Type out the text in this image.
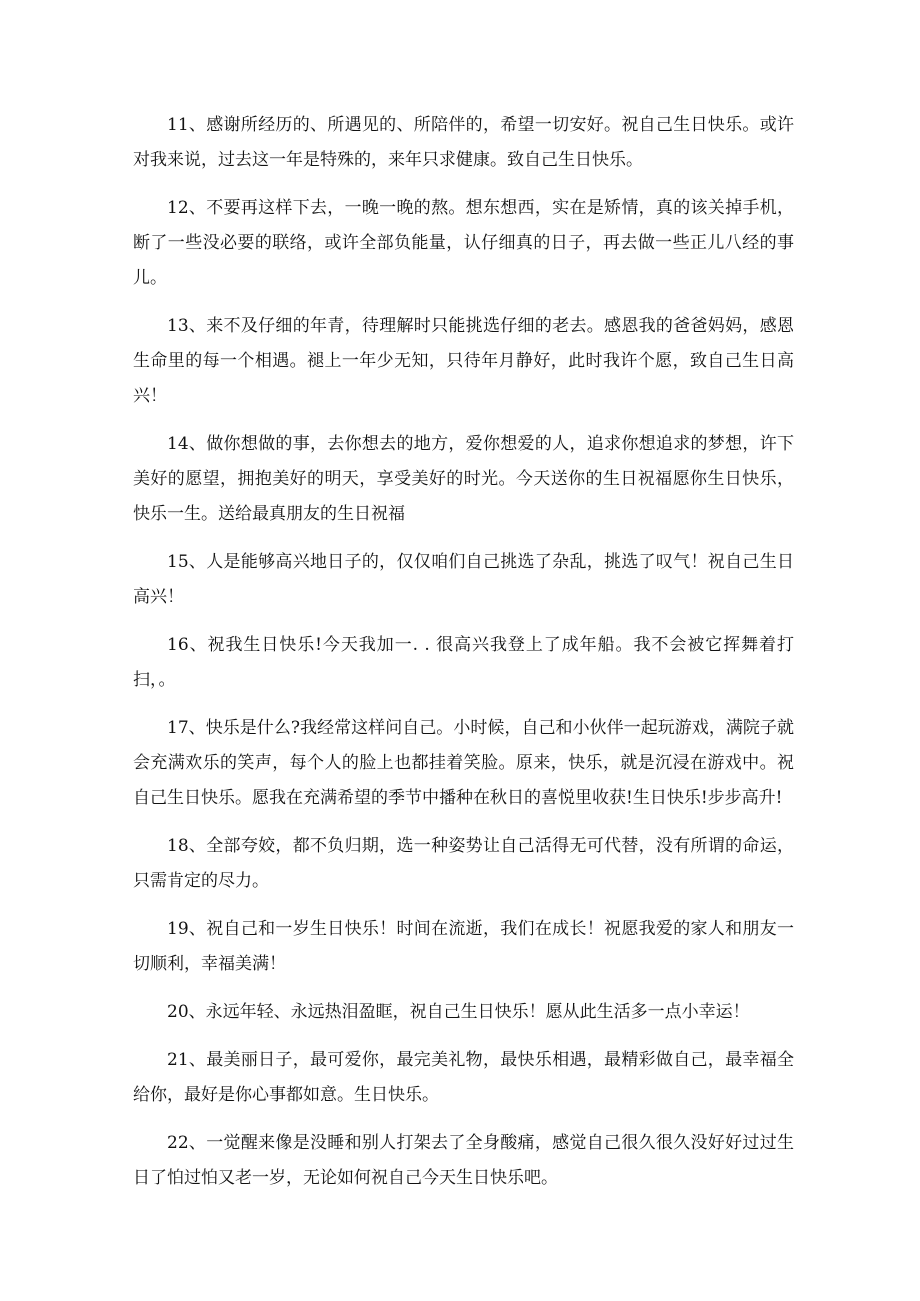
11、感谢所经历的、所遇见的、所陪伴的，希望一切安好。祝自己生日快乐。或许对我来说，过去这一年是特殊的，来年只求健康。致自己生日快乐。

12、不要再这样下去，一晚一晚的熬。想东想西，实在是矫情，真的该关掉手机，断了一些没必要的联络，或许全部负能量，认仔细真的日子，再去做一些正儿八经的事儿。

13、来不及仔细的年青，待理解时只能挑选仔细的老去。感恩我的爸爸妈妈，感恩生命里的每一个相遇。褪上一年少无知，只待年月静好，此时我许个愿，致自己生日高兴！

14、做你想做的事，去你想去的地方，爱你想爱的人，追求你想追求的梦想，许下美好的愿望，拥抱美好的明天，享受美好的时光。今天送你的生日祝福愿你生日快乐，快乐一生。送给最真朋友的生日祝福

15、人是能够高兴地日子的，仅仅咱们自己挑选了杂乱，挑选了叹气！祝自己生日高兴！

16、祝我生日快乐!今天我加一. . 很高兴我登上了成年船。我不会被它挥舞着打扫，。

17、快乐是什么?我经常这样问自己。小时候，自己和小伙伴一起玩游戏，满院子就会充满欢乐的笑声，每个人的脸上也都挂着笑脸。原来，快乐，就是沉浸在游戏中。祝自己生日快乐。愿我在充满希望的季节中播种在秋日的喜悦里收获!生日快乐!步步高升!

18、全部夸姣，都不负归期，选一种姿势让自己活得无可代替，没有所谓的命运，只需肯定的尽力。

19、祝自己和一岁生日快乐！时间在流逝，我们在成长！祝愿我爱的家人和朋友一切顺利，幸福美满！

20、永远年轻、永远热泪盈眶，祝自己生日快乐！愿从此生活多一点小幸运！

21、最美丽日子，最可爱你，最完美礼物，最快乐相遇，最精彩做自己，最幸福全给你，最好是你心事都如意。生日快乐。

22、一觉醒来像是没睡和别人打架去了全身酸痛，感觉自己很久很久没好好过过生日了怕过怕又老一岁，无论如何祝自己今天生日快乐吧。
